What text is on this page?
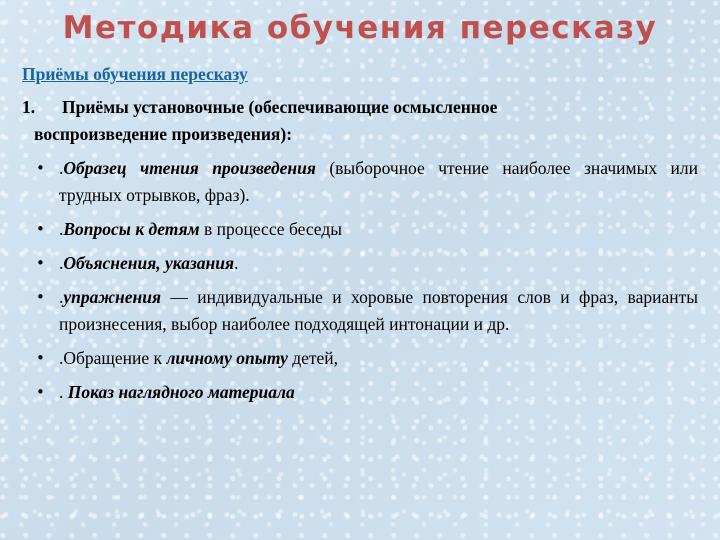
Методика обучения пересказу
Приёмы обучения пересказу
1. Приёмы установочные (обеспечивающие осмысленное
воспроизведение произведения):
• .Образец чтения произведения (выборочное чтение наиболее значимых или трудных отрывков, фраз).
• .Вопросы к детям в процессе беседы
• .Объяснения, указания.
• .упражнения — индивидуальные и хоровые повторения слов и фраз, варианты произнесения, выбор наиболее подходящей интонации и др.
• .Обращение к личному опыту детей,
• . Показ наглядного материала
